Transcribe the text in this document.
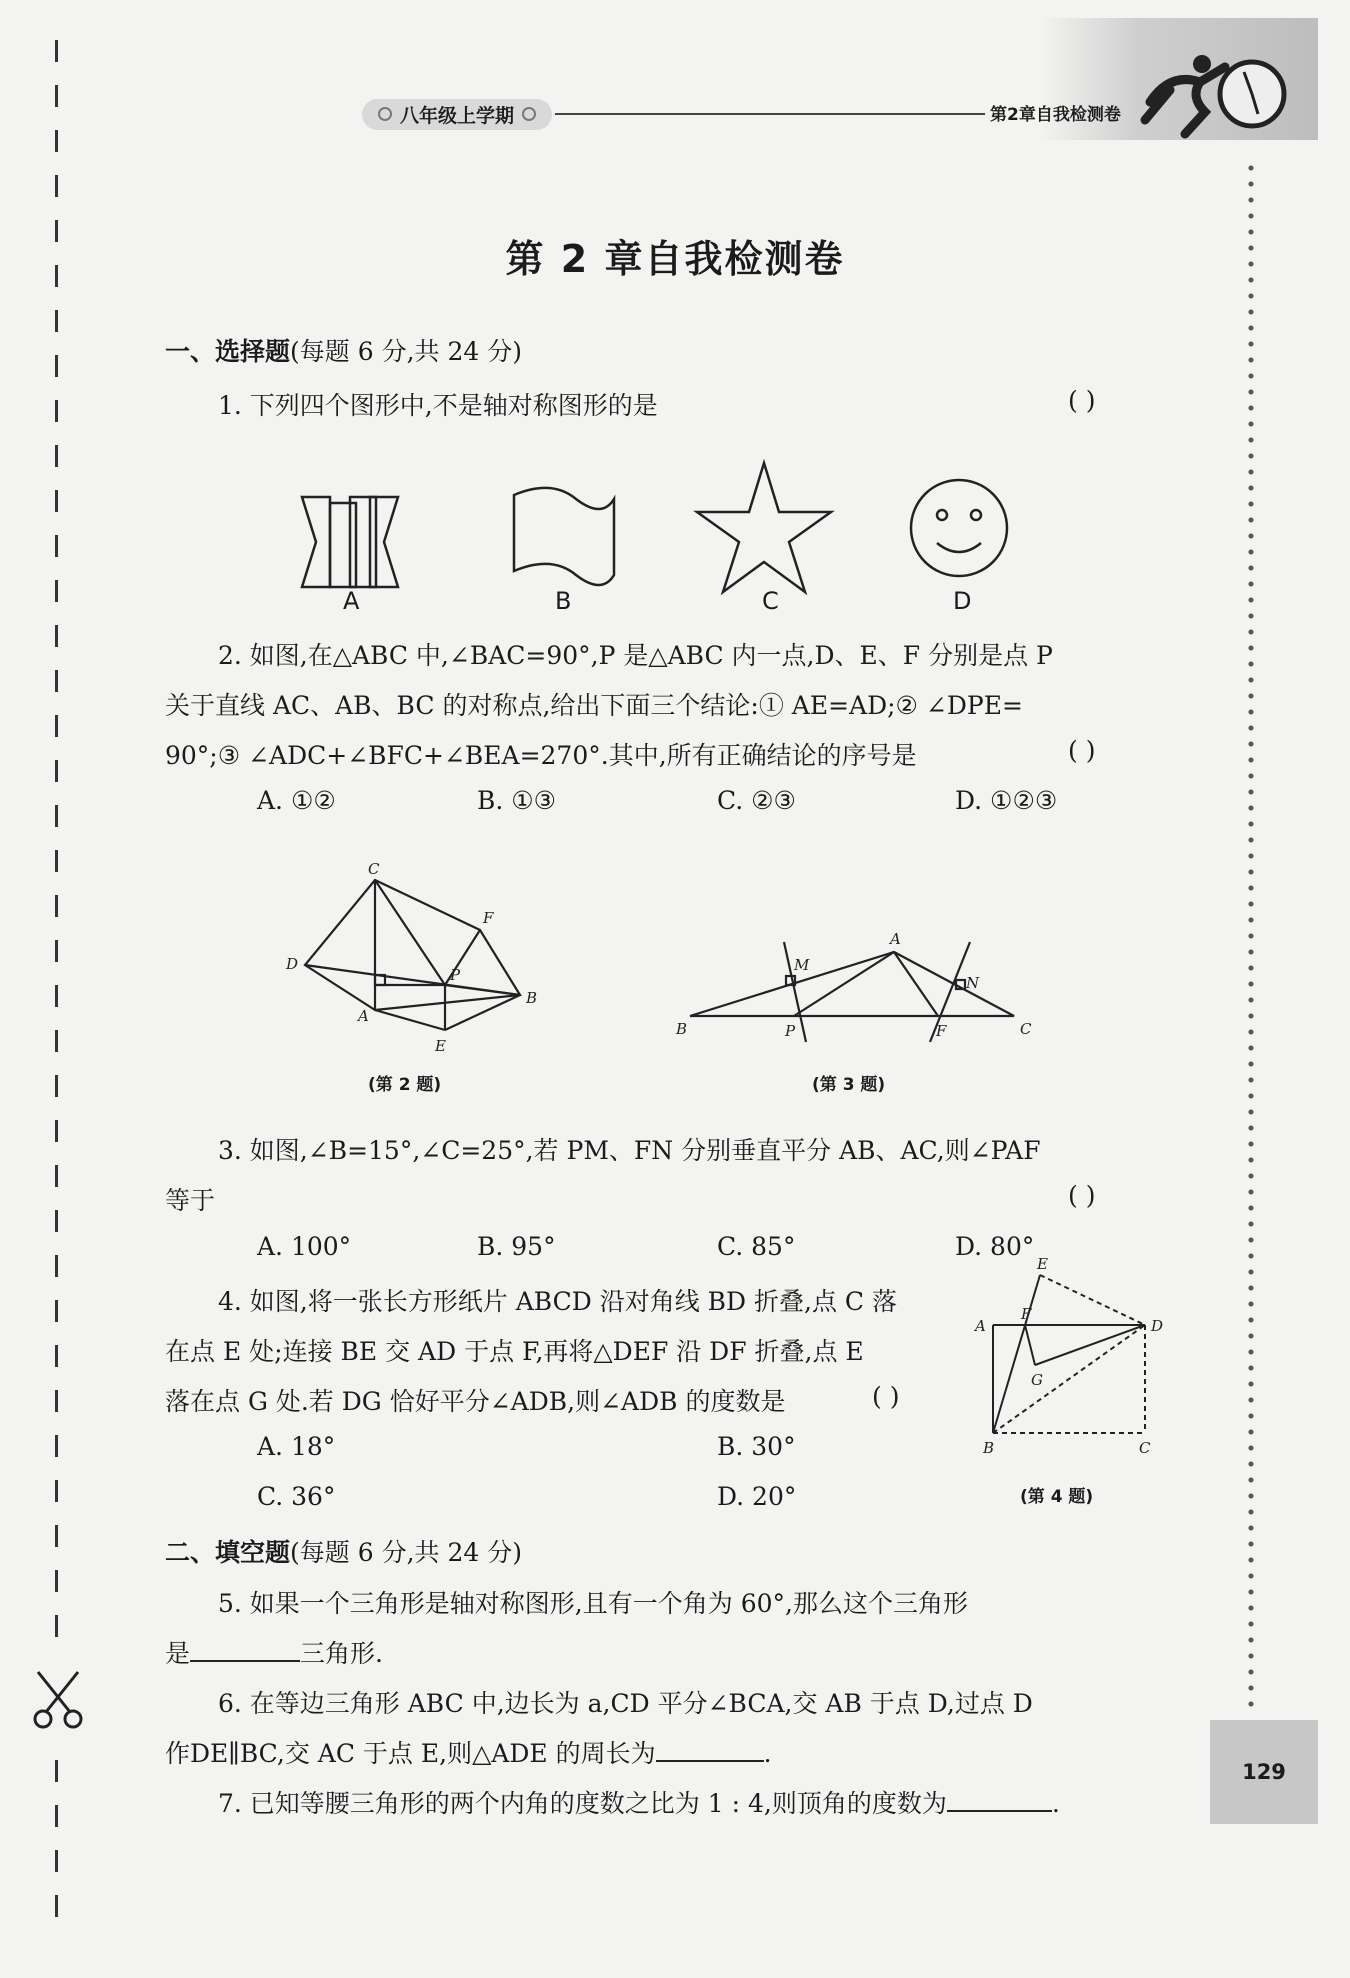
八年级上学期	第2章自我检测卷
第 2 章自我检测卷
一、选择题(每题 6 分,共 24 分)
1. 下列四个图形中,不是轴对称图形的是	( )
A	B	C	D
2. 如图,在△ABC 中,∠BAC=90°,P 是△ABC 内一点,D、E、F 分别是点 P
关于直线 AC、AB、BC 的对称点,给出下面三个结论:① AE=AD;② ∠DPE=
90°;③ ∠ADC+∠BFC+∠BEA=270°.其中,所有正确结论的序号是	( )
A. ①②	B. ①③	C. ②③	D. ①②③
C
F
D
P
A
B
E
(第 2 题)
A
M
N
B	P	F	C
(第 3 题)
3. 如图,∠B=15°,∠C=25°,若 PM、FN 分别垂直平分 AB、AC,则∠PAF
等于	( )
A. 100°	B. 95°	C. 85°	D. 80°
4. 如图,将一张长方形纸片 ABCD 沿对角线 BD 折叠,点 C 落
在点 E 处;连接 BE 交 AD 于点 F,再将△DEF 沿 DF 折叠,点 E
落在点 G 处.若 DG 恰好平分∠ADB,则∠ADB 的度数是	( )
A. 18°	B. 30°
C. 36°	D. 20°
E
F
A	D
G
B	C
(第 4 题)
二、填空题(每题 6 分,共 24 分)
5. 如果一个三角形是轴对称图形,且有一个角为 60°,那么这个三角形
是	三角形.
6. 在等边三角形 ABC 中,边长为 a,CD 平分∠BCA,交 AB 于点 D,过点 D
作DE∥BC,交 AC 于点 E,则△ADE 的周长为	.
7. 已知等腰三角形的两个内角的度数之比为 1 : 4,则顶角的度数为	.
129
